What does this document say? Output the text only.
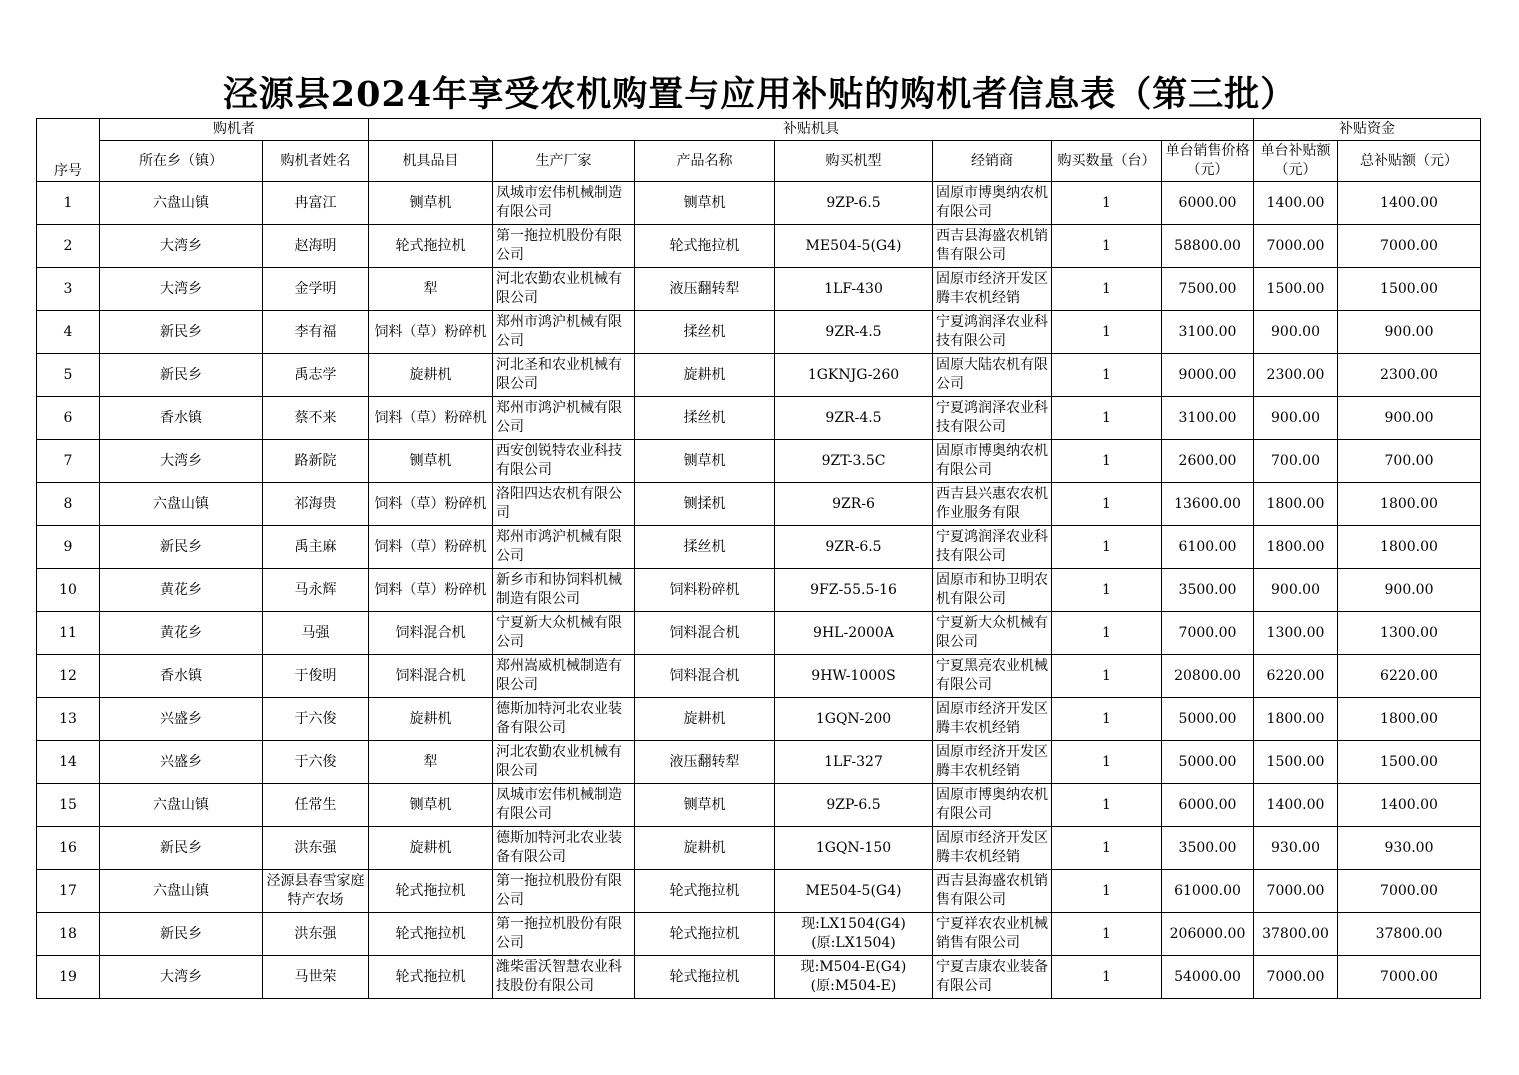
泾源县2024年享受农机购置与应用补贴的购机者信息表（第三批）
序号	购机者		补贴机具							补贴资金	
	所在乡（镇）	购机者姓名	机具品目	生产厂家	产品名称	购买机型	经销商	购买数量（台）	单台销售价格（元）	单台补贴额（元）	总补贴额（元）
1	六盘山镇	冉富江	铡草机	凤城市宏伟机械制造有限公司	铡草机	9ZP-6.5	固原市博奥纳农机有限公司	1	6000.00	1400.00	1400.00
2	大湾乡	赵海明	轮式拖拉机	第一拖拉机股份有限公司	轮式拖拉机	ME504-5(G4)	西吉县海盛农机销售有限公司	1	58800.00	7000.00	7000.00
3	大湾乡	金学明	犁	河北农勤农业机械有限公司	液压翻转犁	1LF-430	固原市经济开发区腾丰农机经销	1	7500.00	1500.00	1500.00
4	新民乡	李有福	饲料（草）粉碎机	郑州市鸿沪机械有限公司	揉丝机	9ZR-4.5	宁夏鸿润泽农业科技有限公司	1	3100.00	900.00	900.00
5	新民乡	禹志学	旋耕机	河北圣和农业机械有限公司	旋耕机	1GKNJG-260	固原大陆农机有限公司	1	9000.00	2300.00	2300.00
6	香水镇	蔡不来	饲料（草）粉碎机	郑州市鸿沪机械有限公司	揉丝机	9ZR-4.5	宁夏鸿润泽农业科技有限公司	1	3100.00	900.00	900.00
7	大湾乡	路新院	铡草机	西安创锐特农业科技有限公司	铡草机	9ZT-3.5C	固原市博奥纳农机有限公司	1	2600.00	700.00	700.00
8	六盘山镇	祁海贵	饲料（草）粉碎机	洛阳四达农机有限公司	铡揉机	9ZR-6	西吉县兴惠农农机作业服务有限	1	13600.00	1800.00	1800.00
9	新民乡	禹主麻	饲料（草）粉碎机	郑州市鸿沪机械有限公司	揉丝机	9ZR-6.5	宁夏鸿润泽农业科技有限公司	1	6100.00	1800.00	1800.00
10	黄花乡	马永辉	饲料（草）粉碎机	新乡市和协饲料机械制造有限公司	饲料粉碎机	9FZ-55.5-16	固原市和协卫明农机有限公司	1	3500.00	900.00	900.00
11	黄花乡	马强	饲料混合机	宁夏新大众机械有限公司	饲料混合机	9HL-2000A	宁夏新大众机械有限公司	1	7000.00	1300.00	1300.00
12	香水镇	于俊明	饲料混合机	郑州嵩威机械制造有限公司	饲料混合机	9HW-1000S	宁夏黑亮农业机械有限公司	1	20800.00	6220.00	6220.00
13	兴盛乡	于六俊	旋耕机	德斯加特河北农业装备有限公司	旋耕机	1GQN-200	固原市经济开发区腾丰农机经销	1	5000.00	1800.00	1800.00
14	兴盛乡	于六俊	犁	河北农勤农业机械有限公司	液压翻转犁	1LF-327	固原市经济开发区腾丰农机经销	1	5000.00	1500.00	1500.00
15	六盘山镇	任常生	铡草机	凤城市宏伟机械制造有限公司	铡草机	9ZP-6.5	固原市博奥纳农机有限公司	1	6000.00	1400.00	1400.00
16	新民乡	洪东强	旋耕机	德斯加特河北农业装备有限公司	旋耕机	1GQN-150	固原市经济开发区腾丰农机经销	1	3500.00	930.00	930.00
17	六盘山镇	泾源县春雪家庭特产农场	轮式拖拉机	第一拖拉机股份有限公司	轮式拖拉机	ME504-5(G4)	西吉县海盛农机销售有限公司	1	61000.00	7000.00	7000.00
18	新民乡	洪东强	轮式拖拉机	第一拖拉机股份有限公司	轮式拖拉机	现:LX1504(G4)(原:LX1504)	宁夏祥农农业机械销售有限公司	1	206000.00	37800.00	37800.00
19	大湾乡	马世荣	轮式拖拉机	潍柴雷沃智慧农业科技股份有限公司	轮式拖拉机	现:M504-E(G4)(原:M504-E)	宁夏吉康农业装备有限公司	1	54000.00	7000.00	7000.00
